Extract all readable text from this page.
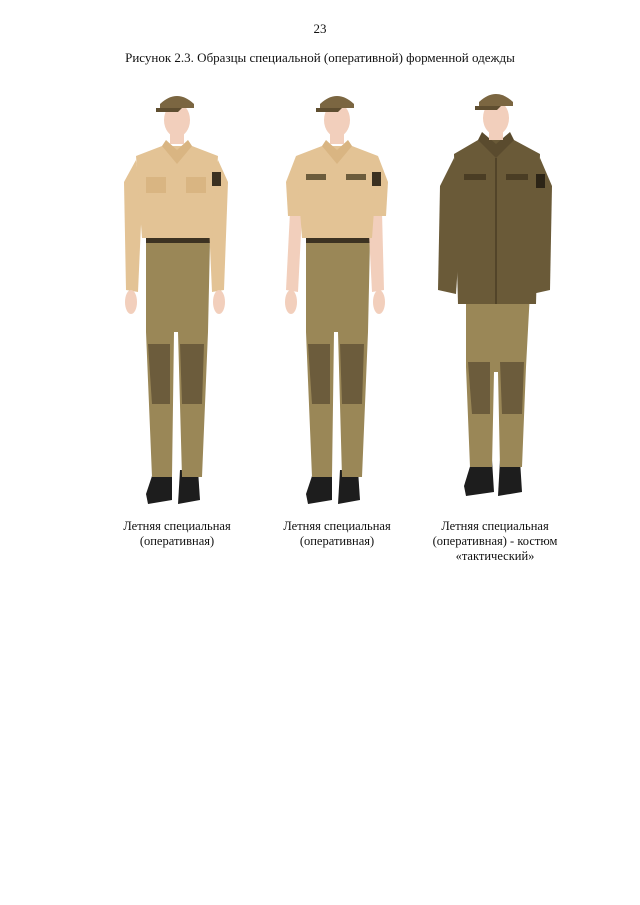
23
Рисунок 2.3. Образцы специальной (оперативной) форменной одежды
Летняя специальная
(оперативная)
Летняя специальная
(оперативная)
Летняя специальная
(оперативная) - костюм
«тактический»
